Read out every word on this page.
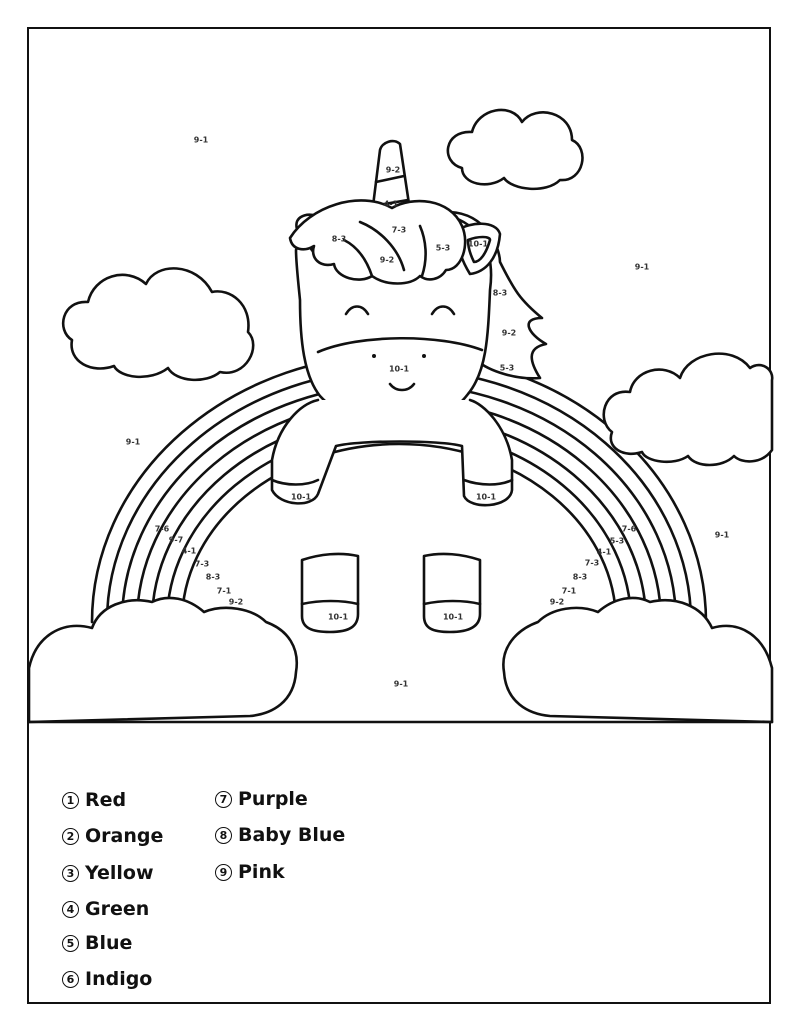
9-1
9-2
4-1
7-3
8-3
9-2
5-3 10-1
9-1
8-3
9-2
5-3
10-1
9-1
10-1	10-1
7-6
9-7
4-1
7-3
8-3
7-1
9-2
7-6
5-3
4-1
7-3
8-3
7-1
9-2
9-1
10-1	10-1
9-1
1 Red
2 Orange
3 Yellow
4 Green
5 Blue
6 Indigo
7 Purple
8 Baby Blue
9 Pink
